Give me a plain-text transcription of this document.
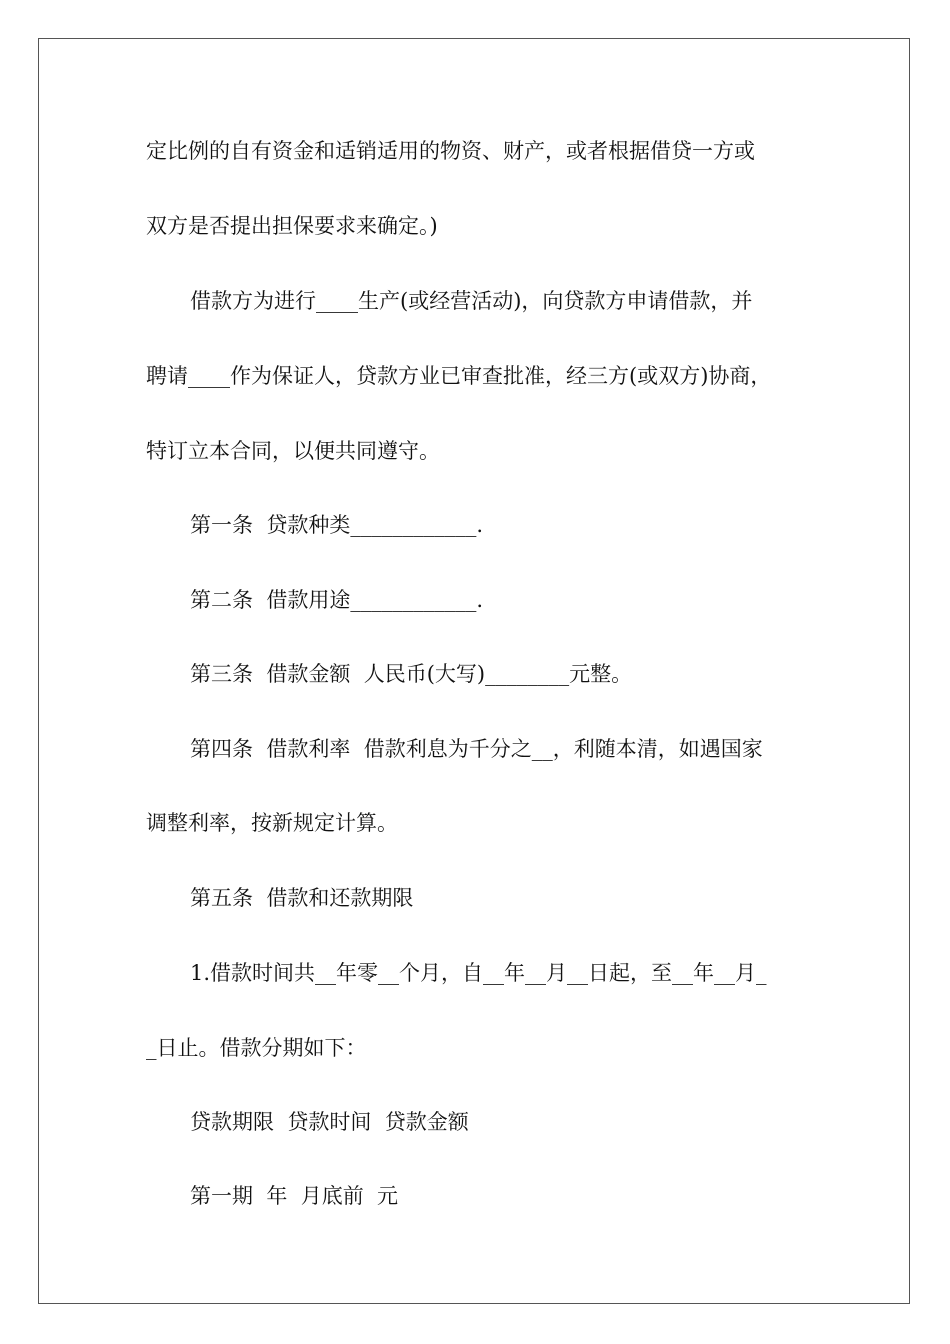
定比例的自有资金和适销适用的物资、财产，或者根据借贷一方或
双方是否提出担保要求来确定。)
借款方为进行____生产(或经营活动)，向贷款方申请借款，并
聘请____作为保证人，贷款方业已审查批准，经三方(或双方)协商，
特订立本合同，以便共同遵守。
第一条  贷款种类____________.
第二条  借款用途____________.
第三条  借款金额  人民币(大写)________元整。
第四条  借款利率  借款利息为千分之__，利随本清，如遇国家
调整利率，按新规定计算。
第五条  借款和还款期限
1.借款时间共__年零__个月，自__年__月__日起，至__年__月_
_日止。借款分期如下：
贷款期限  贷款时间  贷款金额
第一期  年  月底前  元
